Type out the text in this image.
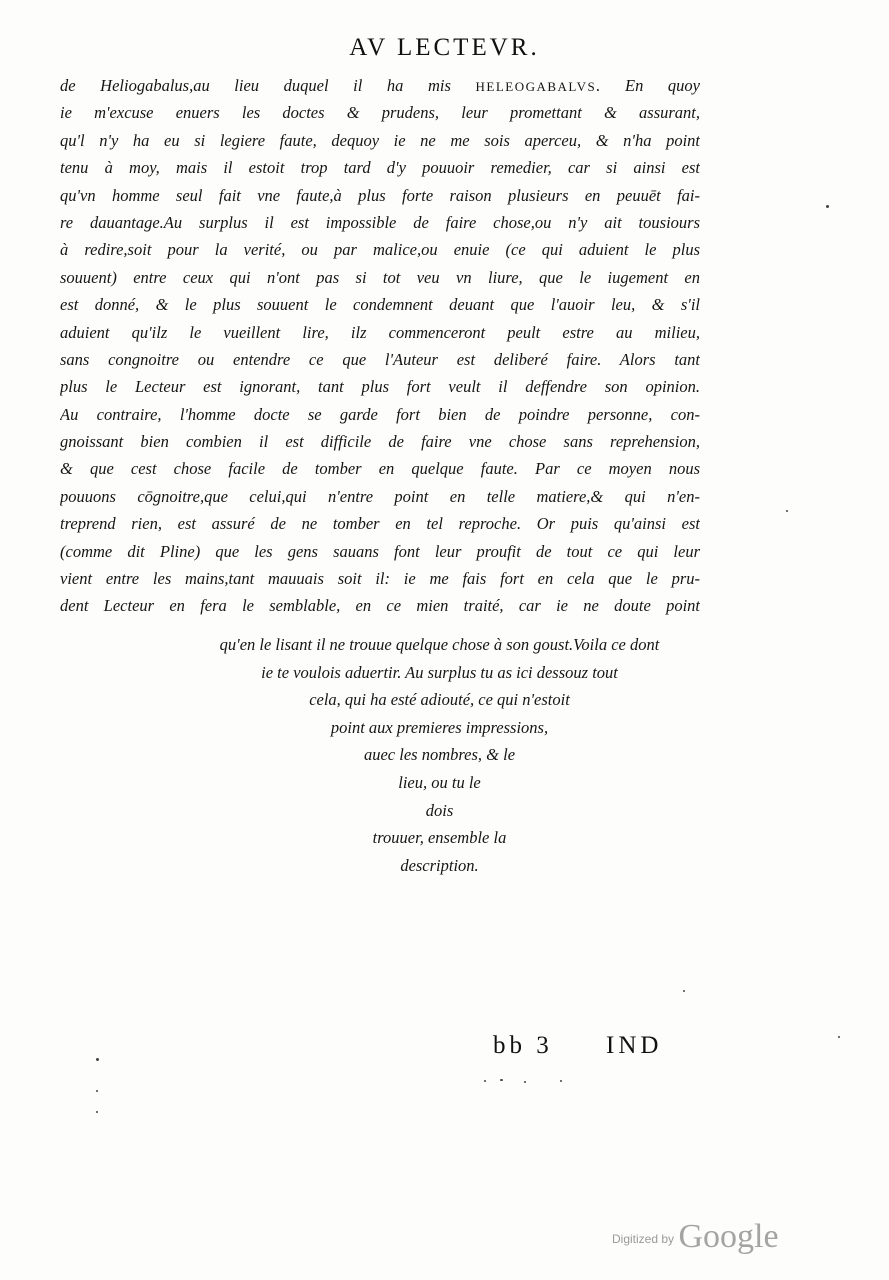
AV LECTEVR.
de Heliogabalus,au lieu duquel il ha mis HELEOGABALVS. En quoy
ie m'excuse enuers les doctes & prudens, leur promettant & assurant,
qu'l n'y ha eu si legiere faute, dequoy ie ne me sois aperceu, & n'ha point
tenu à moy, mais il estoit trop tard d'y pouuoir remedier, car si ainsi est
qu'vn homme seul fait vne faute,à plus forte raison plusieurs en peuuēt fai-
re dauantage.Au surplus il est impossible de faire chose,ou n'y ait tousiours
à redire,soit pour la verité, ou par malice,ou enuie (ce qui aduient le plus
souuent) entre ceux qui n'ont pas si tot veu vn liure, que le iugement en
est donné, & le plus souuent le condemnent deuant que l'auoir leu, & s'il
aduient qu'ilz le vueillent lire, ilz commenceront peult estre au milieu,
sans congnoitre ou entendre ce que l'Auteur est deliberé faire. Alors tant
plus le Lecteur est ignorant, tant plus fort veult il deffendre son opinion.
Au contraire, l'homme docte se garde fort bien de poindre personne, con-
gnoissant bien combien il est difficile de faire vne chose sans reprehension,
& que cest chose facile de tomber en quelque faute. Par ce moyen nous
pouuons cōgnoitre,que celui,qui n'entre point en telle matiere,& qui n'en-
treprend rien, est assuré de ne tomber en tel reproche. Or puis qu'ainsi est
(comme dit Pline) que les gens sauans font leur proufit de tout ce qui leur
vient entre les mains,tant mauuais soit il: ie me fais fort en cela que le pru-
dent Lecteur en fera le semblable, en ce mien traité, car ie ne doute point
qu'en le lisant il ne trouue quelque chose à son goust.Voila ce dont
ie te voulois aduertir. Au surplus tu as ici dessouz tout
cela, qui ha esté adiouté, ce qui n'estoit
point aux premieres impressions,
auec les nombres, & le
lieu, ou tu le
dois
trouuer, ensemble la
description.
bb 3 IND
$^{Digitized by}$ Google
